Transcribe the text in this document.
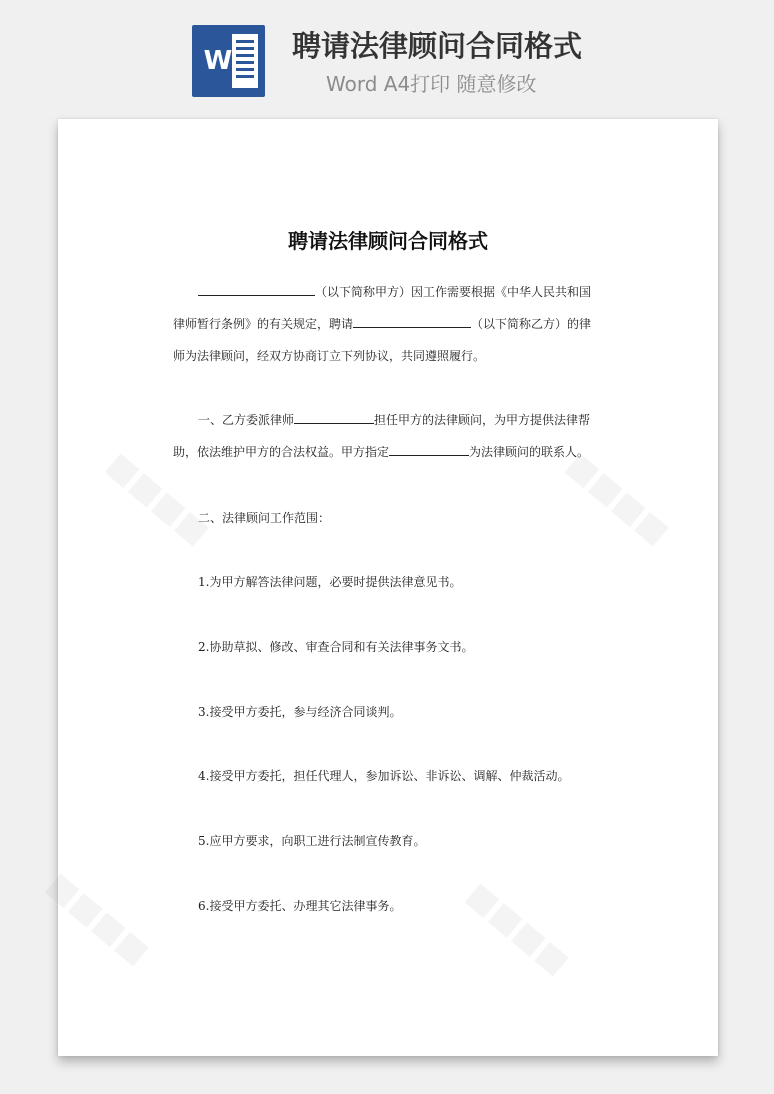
W 聘请法律顾问合同格式
Word A4打印 随意修改
■■■■	■■■■
■■■■	■■■■
聘请法律顾问合同格式
（以下简称甲方）因工作需要根据《中华人民共和国
律师暂行条例》的有关规定，聘请	（以下简称乙方）的律
师为法律顾问，经双方协商订立下列协议，共同遵照履行。
一、乙方委派律师	担任甲方的法律顾问，为甲方提供法律帮
助，依法维护甲方的合法权益。甲方指定	为法律顾问的联系人。
二、法律顾问工作范围：
1.为甲方解答法律问题，必要时提供法律意见书。
2.协助草拟、修改、审查合同和有关法律事务文书。
3.接受甲方委托，参与经济合同谈判。
4.接受甲方委托，担任代理人，参加诉讼、非诉讼、调解、仲裁活动。
5.应甲方要求，向职工进行法制宣传教育。
6.接受甲方委托、办理其它法律事务。
